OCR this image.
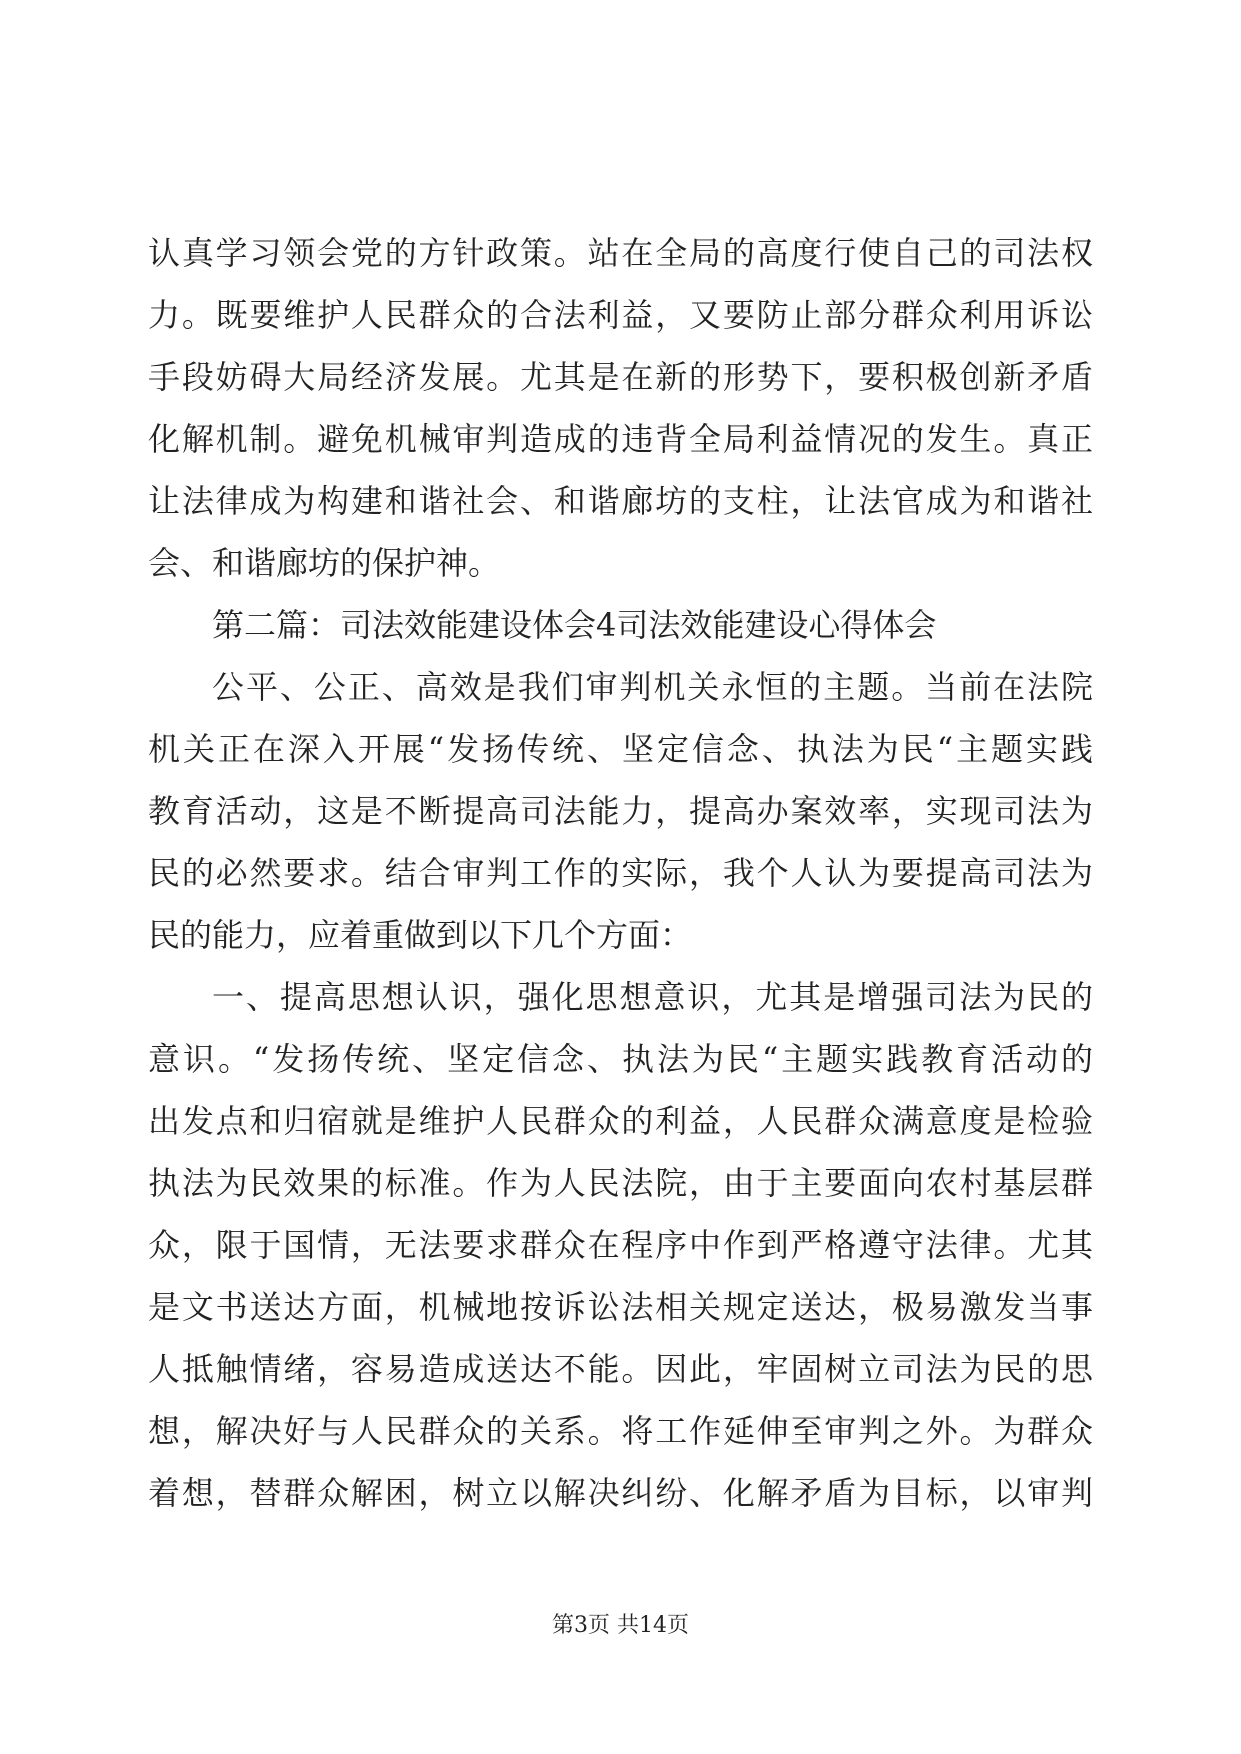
认真学习领会党的方针政策。站在全局的高度行使自己的司法权
力。既要维护人民群众的合法利益，又要防止部分群众利用诉讼
手段妨碍大局经济发展。尤其是在新的形势下，要积极创新矛盾
化解机制。避免机械审判造成的违背全局利益情况的发生。真正
让法律成为构建和谐社会、和谐廊坊的支柱，让法官成为和谐社
会、和谐廊坊的保护神。
第二篇：司法效能建设体会4司法效能建设心得体会
公平、公正、高效是我们审判机关永恒的主题。当前在法院
机关正在深入开展“发扬传统、坚定信念、执法为民“主题实践
教育活动，这是不断提高司法能力，提高办案效率，实现司法为
民的必然要求。结合审判工作的实际，我个人认为要提高司法为
民的能力，应着重做到以下几个方面：
一、提高思想认识，强化思想意识，尤其是增强司法为民的
意识。“发扬传统、坚定信念、执法为民“主题实践教育活动的
出发点和归宿就是维护人民群众的利益，人民群众满意度是检验
执法为民效果的标准。作为人民法院，由于主要面向农村基层群
众，限于国情，无法要求群众在程序中作到严格遵守法律。尤其
是文书送达方面，机械地按诉讼法相关规定送达，极易激发当事
人抵触情绪，容易造成送达不能。因此，牢固树立司法为民的思
想，解决好与人民群众的关系。将工作延伸至审判之外。为群众
着想，替群众解困，树立以解决纠纷、化解矛盾为目标，以审判
第3页 共14页
